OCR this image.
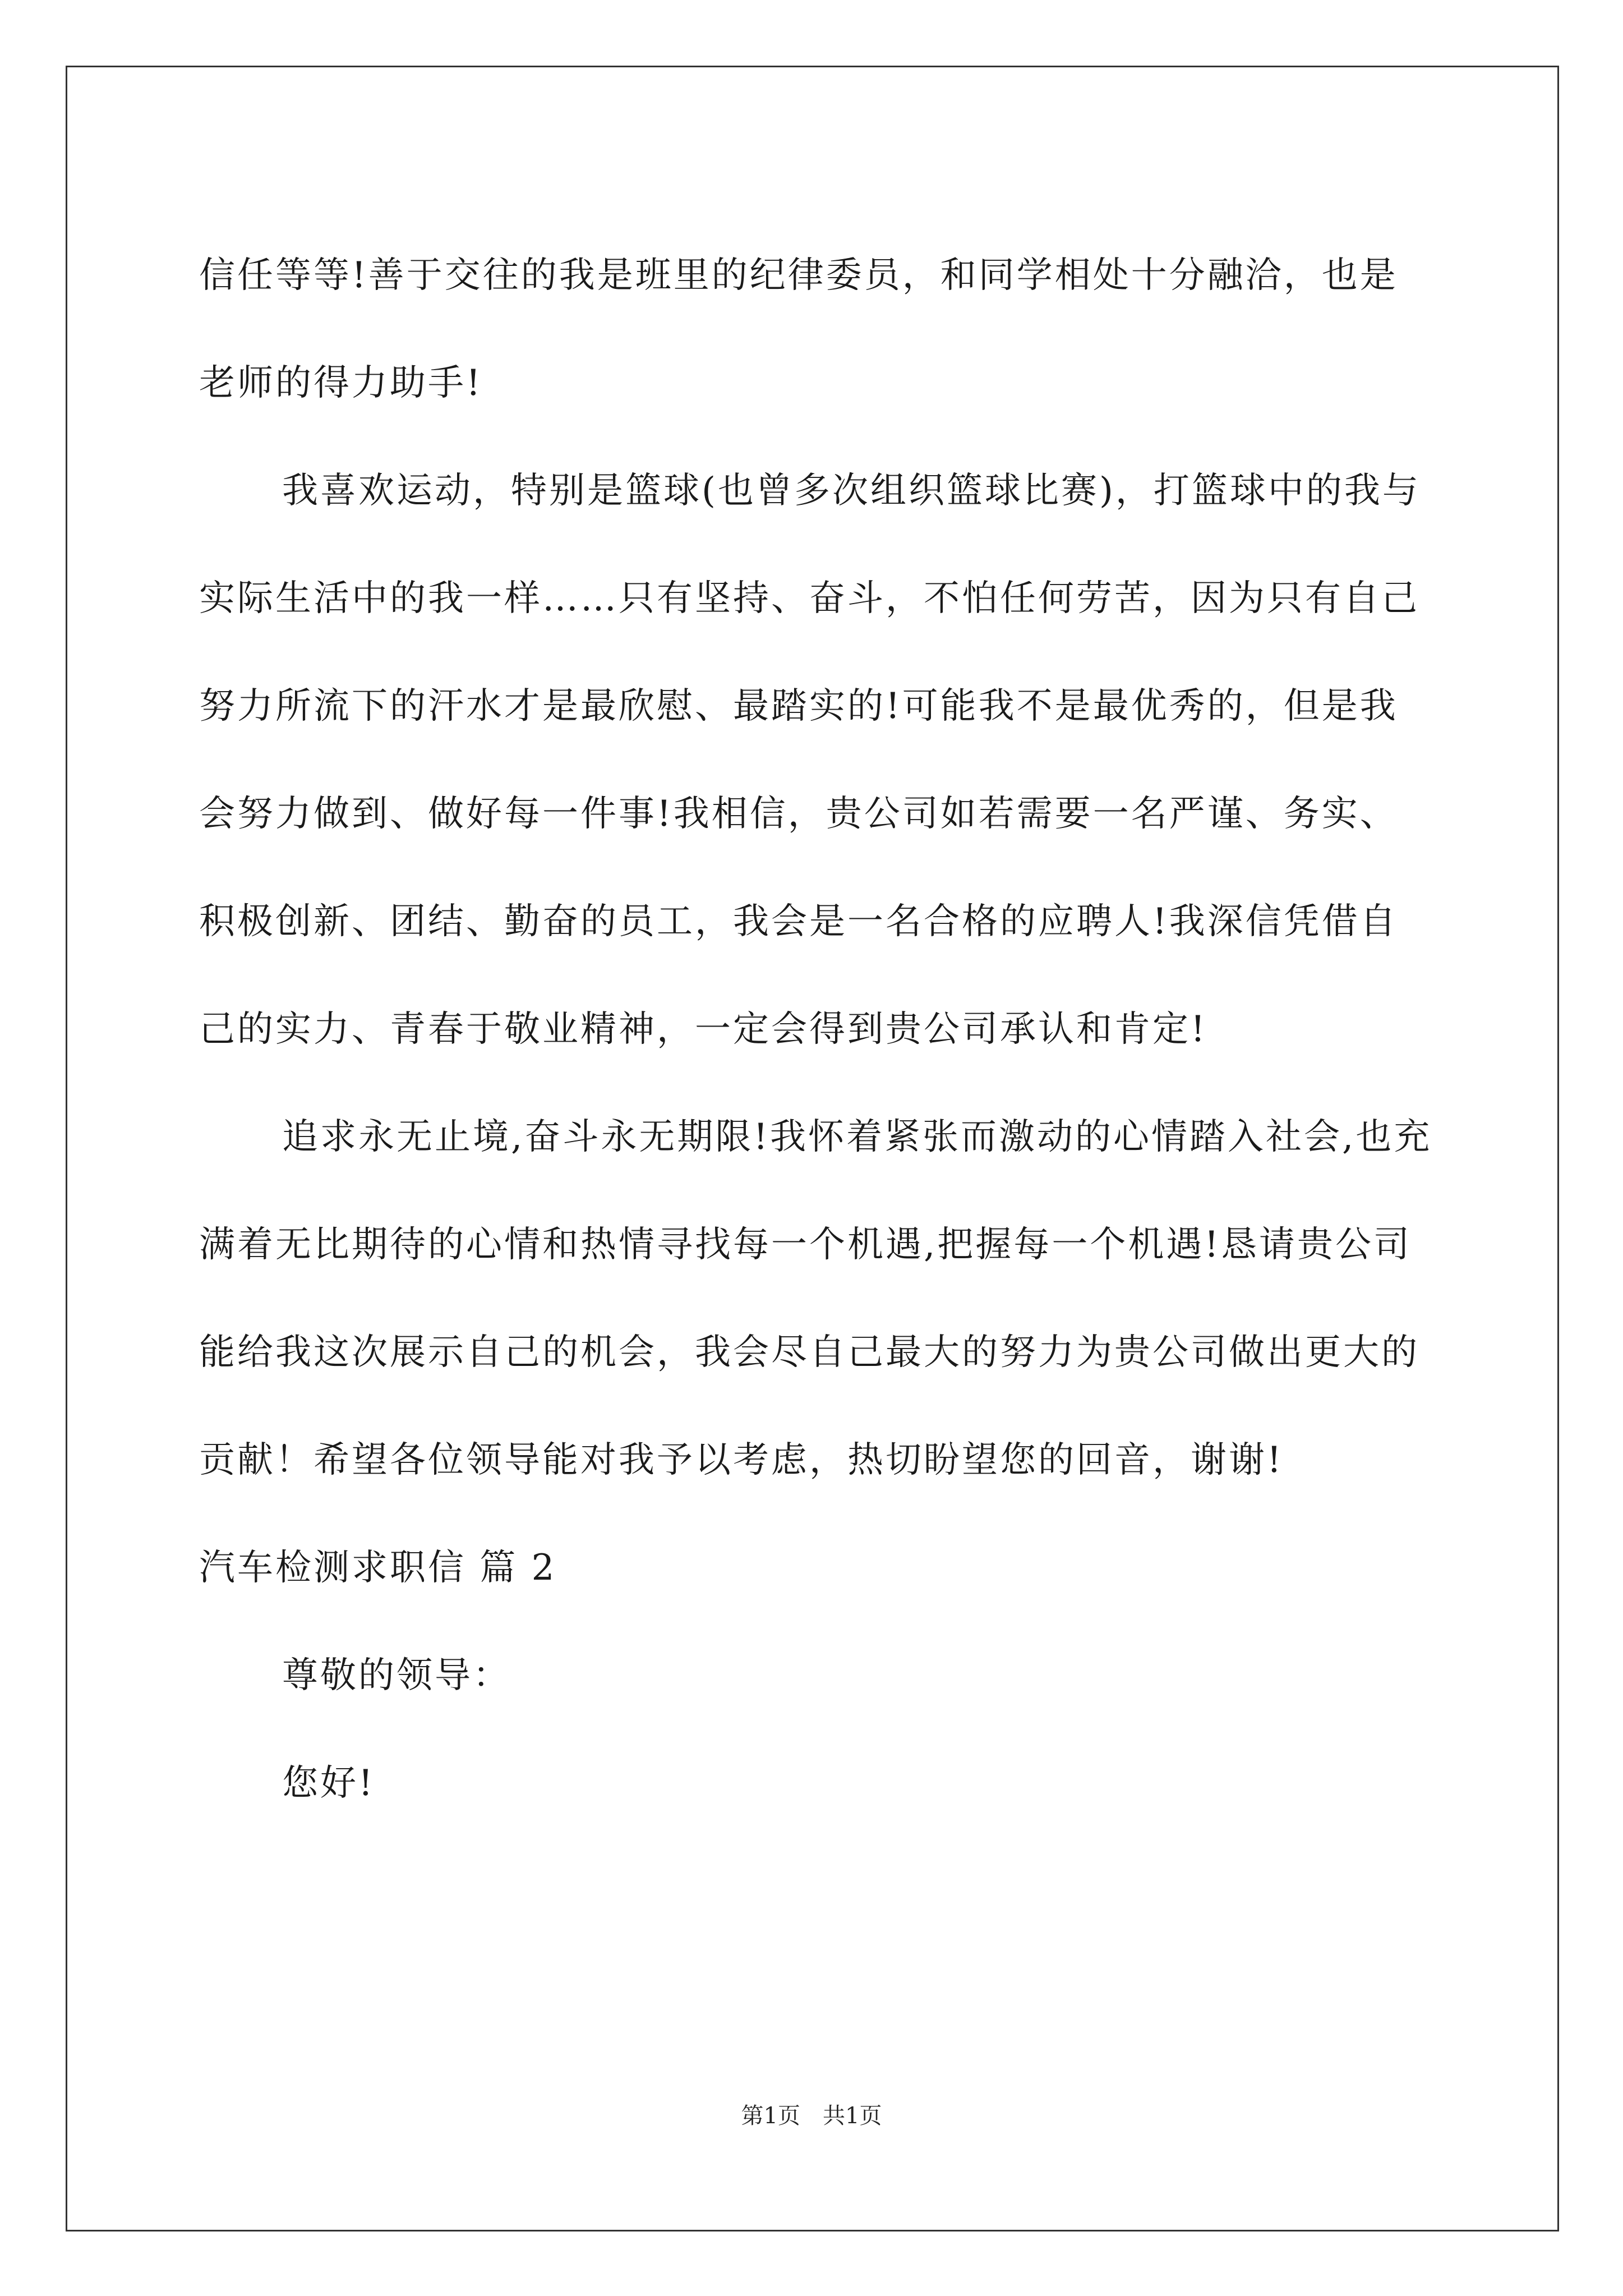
信任等等!善于交往的我是班里的纪律委员，和同学相处十分融洽，也是老师的得力助手!

我喜欢运动，特别是篮球(也曾多次组织篮球比赛)，打篮球中的我与实际生活中的我一样……只有坚持、奋斗，不怕任何劳苦，因为只有自己努力所流下的汗水才是最欣慰、最踏实的!可能我不是最优秀的，但是我会努力做到、做好每一件事!我相信，贵公司如若需要一名严谨、务实、积极创新、团结、勤奋的员工，我会是一名合格的应聘人!我深信凭借自己的实力、青春于敬业精神，一定会得到贵公司承认和肯定!

追求永无止境,奋斗永无期限!我怀着紧张而激动的心情踏入社会,也充满着无比期待的心情和热情寻找每一个机遇,把握每一个机遇!恳请贵公司能给我这次展示自己的机会，我会尽自己最大的努力为贵公司做出更大的贡献！希望各位领导能对我予以考虑，热切盼望您的回音，谢谢!

汽车检测求职信 篇 2

尊敬的领导：

您好!

第1页　共1页
